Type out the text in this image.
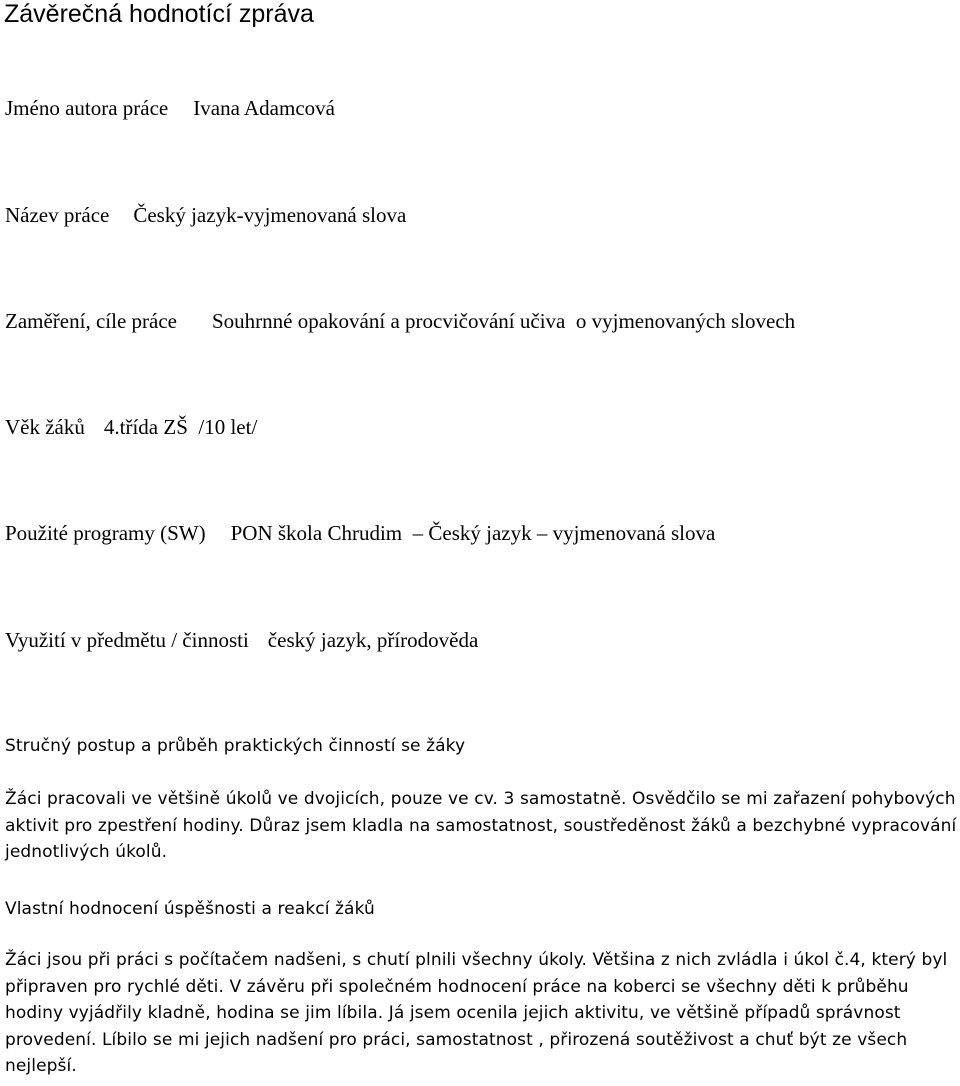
Závěrečná hodnotící zpráva
Jméno autora práce Ivana Adamcová
Název práce Český jazyk-vyjmenovaná slova
Zaměření, cíle práce Souhrnné opakování a procvičování učiva  o vyjmenovaných slovech
Věk žáků 4.třída ZŠ  /10 let/
Použité programy (SW) PON škola Chrudim  – Český jazyk – vyjmenovaná slova
Využití v předmětu / činnosti český jazyk, přírodověda
Stručný postup a průběh praktických činností se žáky

Žáci pracovali ve většině úkolů ve dvojicích, pouze ve cv. 3 samostatně. Osvědčilo se mi zařazení pohybových aktivit pro zpestření hodiny. Důraz jsem kladla na samostatnost, soustředěnost žáků a bezchybné vypracování jednotlivých úkolů.

Vlastní hodnocení úspěšnosti a reakcí žáků

Žáci jsou při práci s počítačem nadšeni, s chutí plnili všechny úkoly. Většina z nich zvládla i úkol č.4, který byl připraven pro rychlé děti. V závěru při společném hodnocení práce na koberci se všechny děti k průběhu hodiny vyjádřily kladně, hodina se jim líbila. Já jsem ocenila jejich aktivitu, ve většině případů správnost provedení. Líbilo se mi jejich nadšení pro práci, samostatnost , přirozená soutěživost a chuť být ze všech nejlepší.
